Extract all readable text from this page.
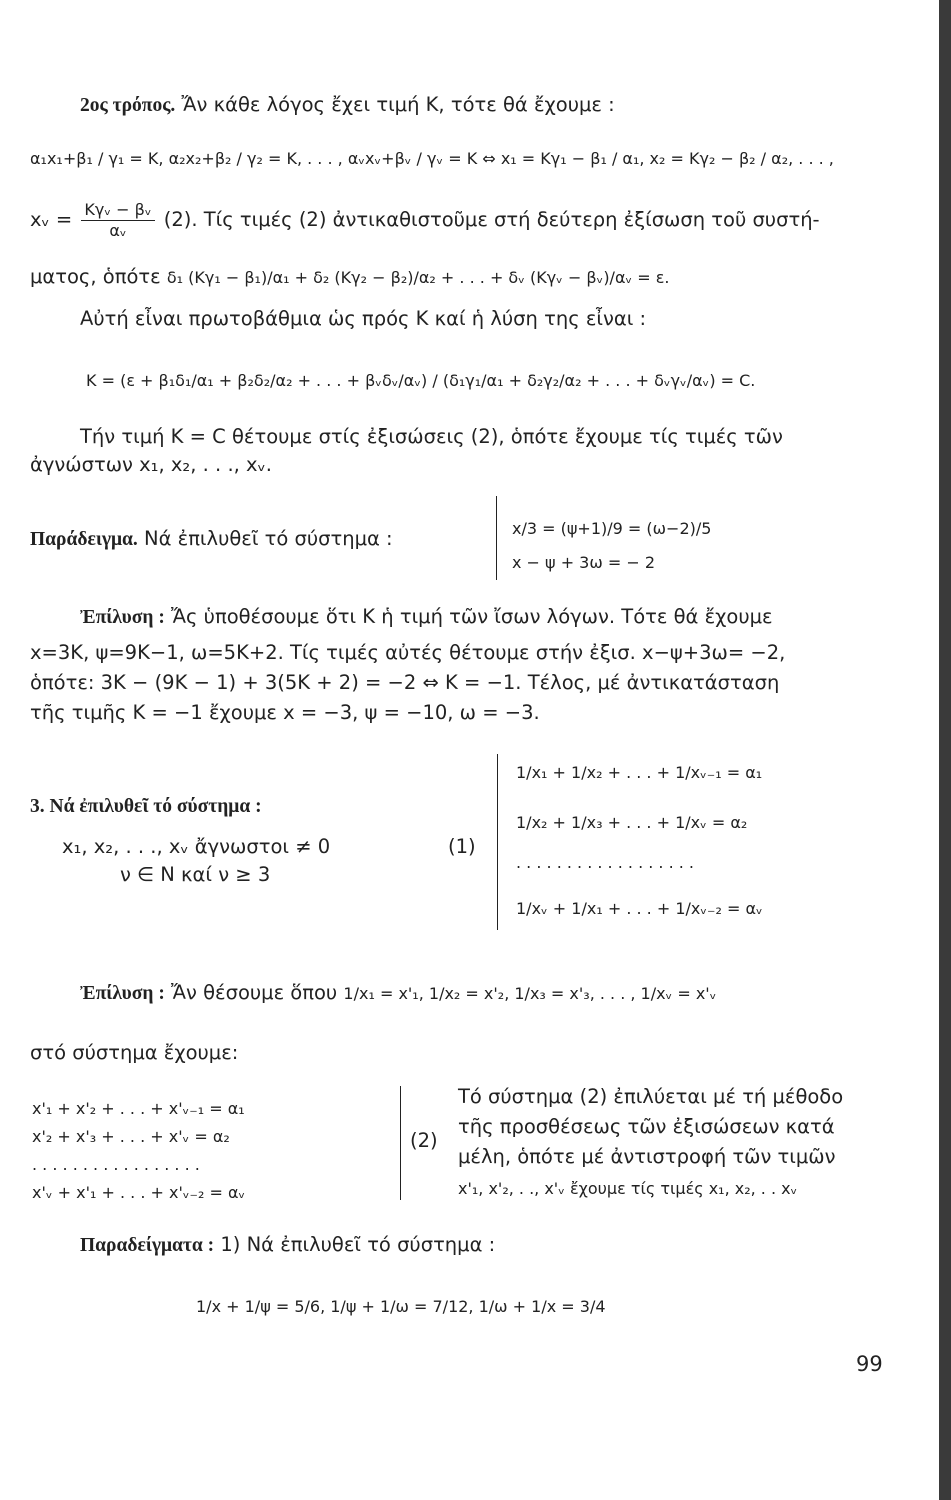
2ος τρόπος. Ἄν κάθε λόγος ἔχει τιμή Κ, τότε θά ἔχουμε :
α₁x₁+β₁ / γ₁ = Κ, α₂x₂+β₂ / γ₂ = Κ, . . . , αᵥxᵥ+βᵥ / γᵥ = Κ ⇔ x₁ = Κγ₁ − β₁ / α₁, x₂ = Κγ₂ − β₂ / α₂, . . . ,
xᵥ = $\frac{\text{Κγᵥ − βᵥ}}{\text{αᵥ}} (2)$. Τίς τιμές (2) ἀντικαθιστοῦμε στή δεύτερη ἐξίσωση τοῦ συστή-
ματος, ὁπότε δ₁ (Κγ₁ − β₁)/α₁ + δ₂ (Κγ₂ − β₂)/α₂ + . . . + δᵥ (Κγᵥ − βᵥ)/αᵥ = ε.
Αὐτή εἶναι πρωτοβάθμια ὡς πρός Κ καί ἡ λύση της εἶναι :
Κ = (ε + β₁δ₁/α₁ + β₂δ₂/α₂ + . . . + βᵥδᵥ/αᵥ) / (δ₁γ₁/α₁ + δ₂γ₂/α₂ + . . . + δᵥγᵥ/αᵥ) = C.
Τήν τιμή Κ = C θέτουμε στίς ἐξισώσεις (2), ὁπότε ἔχουμε τίς τιμές τῶν
ἀγνώστων x₁, x₂, . . ., xᵥ.
Παράδειγμα. Νά ἐπιλυθεῖ τό σύστημα :	x/3 = (ψ+1)/9 = (ω−2)/5
x − ψ + 3ω = − 2
Ἐπίλυση : Ἄς ὑποθέσουμε ὅτι Κ ἡ τιμή τῶν ἴσων λόγων. Τότε θά ἔχουμε
x=3Κ, ψ=9Κ−1, ω=5Κ+2. Τίς τιμές αὐτές θέτουμε στήν ἐξισ. x−ψ+3ω= −2,
ὁπότε: 3Κ − (9Κ − 1) + 3(5Κ + 2) = −2 ⇔ Κ = −1. Τέλος, μέ ἀντικατάσταση
τῆς τιμῆς Κ = −1 ἔχουμε x = −3, ψ = −10, ω = −3.
3. Νά ἐπιλυθεῖ τό σύστημα :
x₁, x₂, . . ., xᵥ ἄγνωστοι ≠ 0
ν ∈ Ν καί ν ≥ 3
(1)
1/x₁ + 1/x₂ + . . . + 1/xᵥ₋₁ = α₁
1/x₂ + 1/x₃ + . . . + 1/xᵥ = α₂
. . . . . . . . . . . . . . . . . .
1/xᵥ + 1/x₁ + . . . + 1/xᵥ₋₂ = αᵥ
Ἐπίλυση : Ἄν θέσουμε ὅπου 1/x₁ = x'₁, 1/x₂ = x'₂, 1/x₃ = x'₃, . . . , 1/xᵥ = x'ᵥ
στό σύστημα ἔχουμε:
x'₁ + x'₂ + . . . + x'ᵥ₋₁ = α₁
x'₂ + x'₃ + . . . + x'ᵥ = α₂
. . . . . . . . . . . . . . . . .
x'ᵥ + x'₁ + . . . + x'ᵥ₋₂ = αᵥ
(2)
Τό σύστημα (2) ἐπιλύεται μέ τή μέθοδο
τῆς προσθέσεως τῶν ἐξισώσεων κατά
μέλη, ὁπότε μέ ἀντιστροφή τῶν τιμῶν
x'₁, x'₂, . ., x'ᵥ ἔχουμε τίς τιμές x₁, x₂, . . xᵥ
Παραδείγματα : 1) Νά ἐπιλυθεῖ τό σύστημα :
1/x + 1/ψ = 5/6, 1/ψ + 1/ω = 7/12, 1/ω + 1/x = 3/4
99
